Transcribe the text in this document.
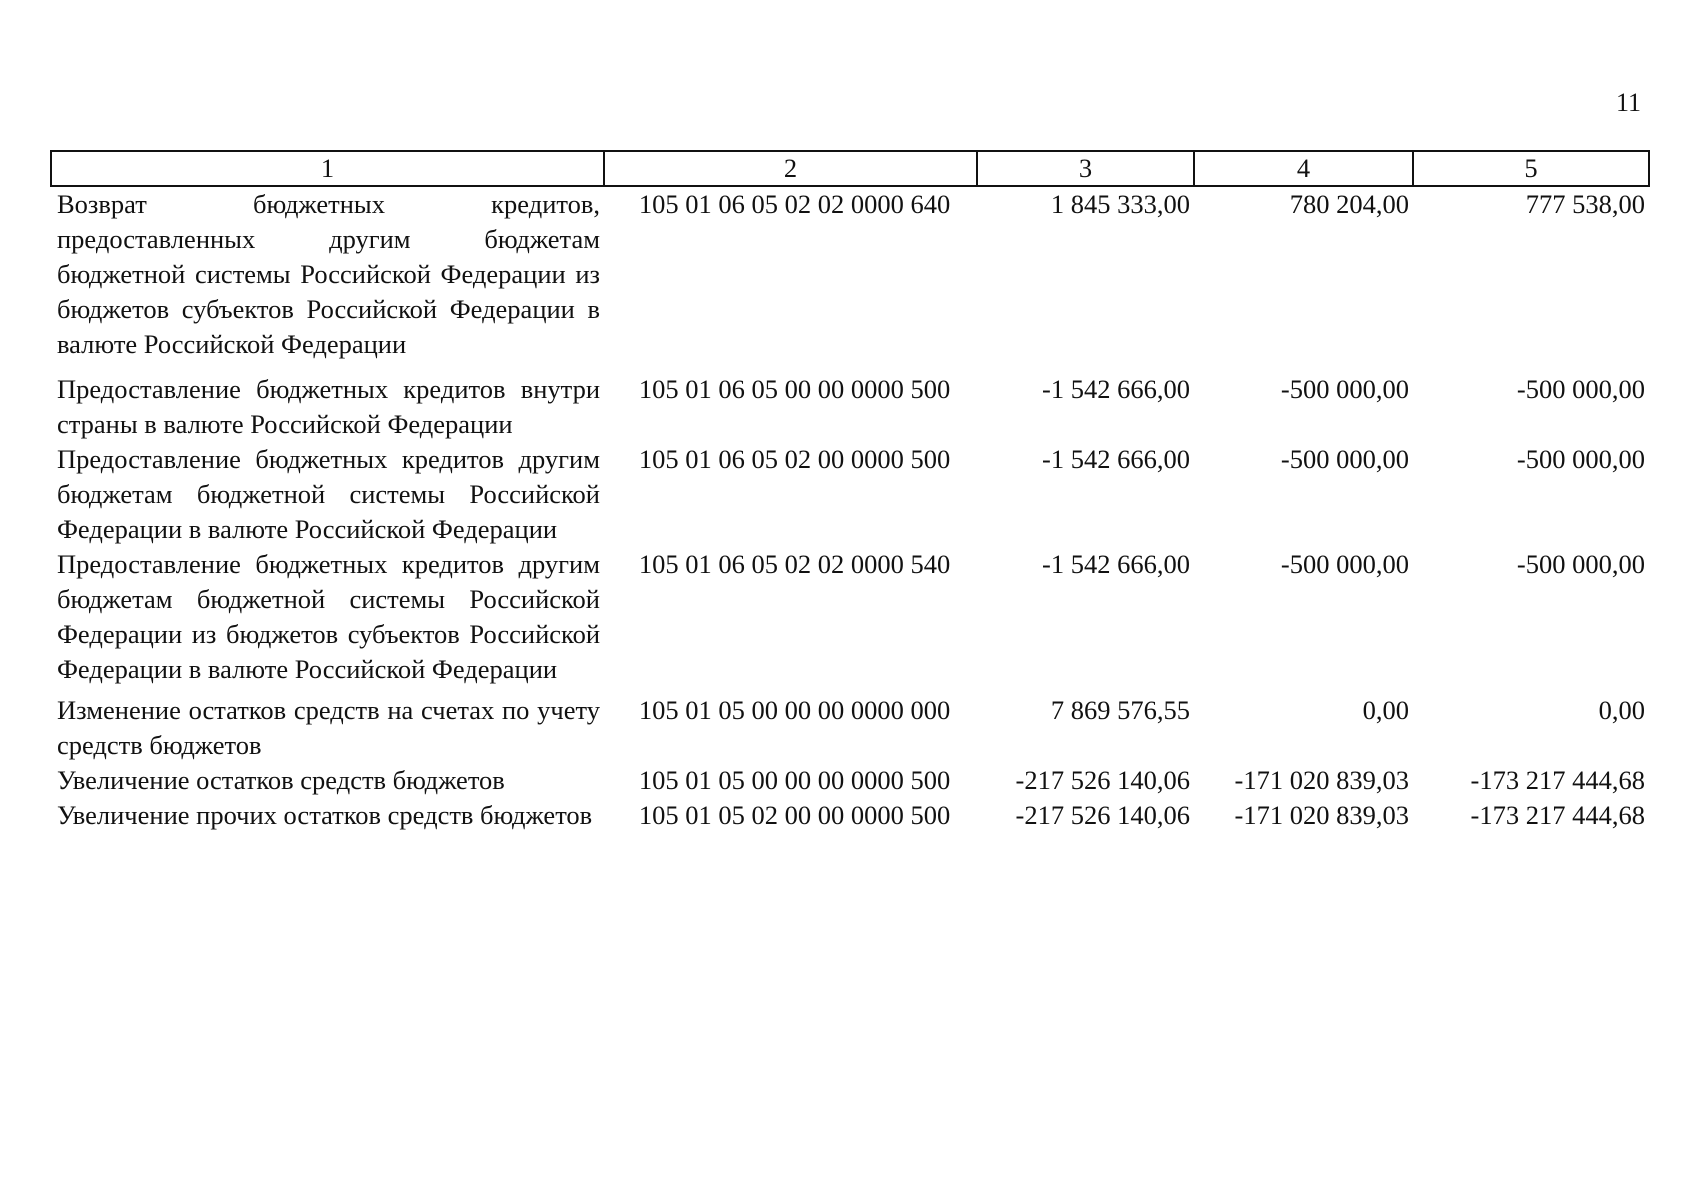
11
1	2	3	4	5
Возврат бюджетных кредитов, предоставленных другим бюджетам бюджетной системы Российской Федерации из бюджетов субъектов Российской Федерации в валюте Российской Федерации	105 01 06 05 02 02 0000 640	1 845 333,00	780 204,00	777 538,00
Предоставление бюджетных кредитов внутри страны в валюте Российской Федерации	105 01 06 05 00 00 0000 500	-1 542 666,00	-500 000,00	-500 000,00
Предоставление бюджетных кредитов другим бюджетам бюджетной системы Российской Федерации в валюте Российской Федерации	105 01 06 05 02 00 0000 500	-1 542 666,00	-500 000,00	-500 000,00
Предоставление бюджетных кредитов другим бюджетам бюджетной системы Российской Федерации из бюджетов субъектов Российской Федерации в валюте Российской Федерации	105 01 06 05 02 02 0000 540	-1 542 666,00	-500 000,00	-500 000,00
Изменение остатков средств на счетах по учету средств бюджетов	105 01 05 00 00 00 0000 000	7 869 576,55	0,00	0,00
Увеличение остатков средств бюджетов	105 01 05 00 00 00 0000 500	-217 526 140,06	-171 020 839,03	-173 217 444,68
Увеличение прочих остатков средств бюджетов	105 01 05 02 00 00 0000 500	-217 526 140,06	-171 020 839,03	-173 217 444,68
